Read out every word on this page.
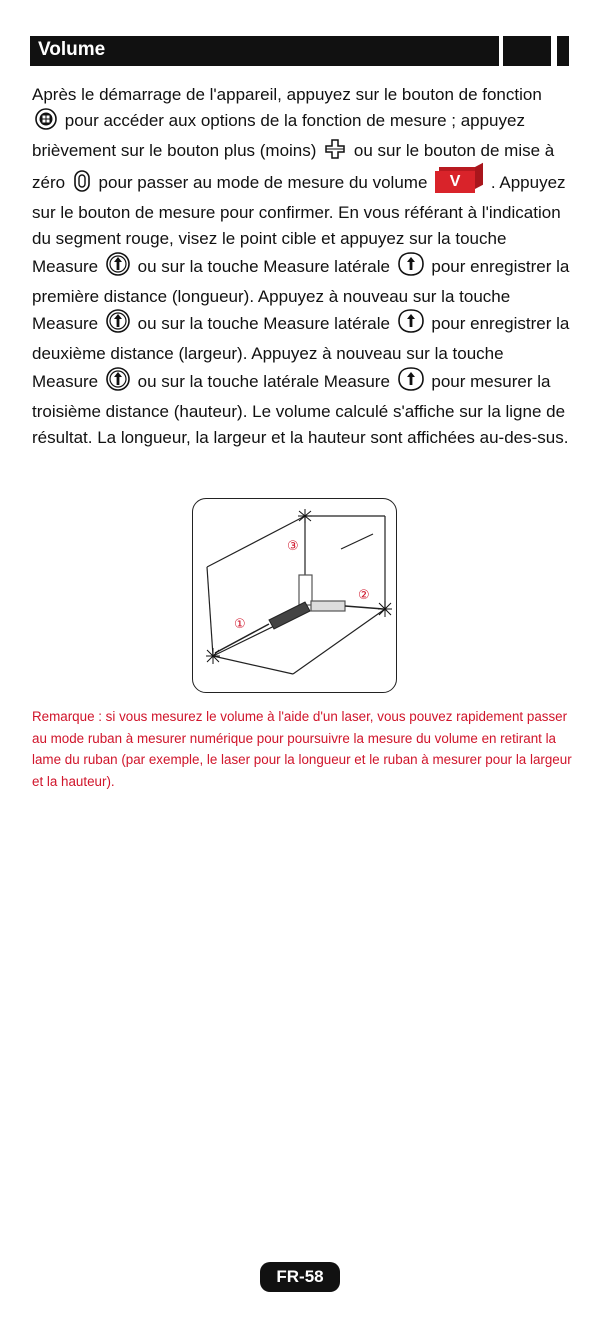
Volume
Après le démarrage de l'appareil, appuyez sur le bouton de fonction  pour accéder aux options de la fonction de mesure ; appuyez brièvement sur le bouton plus (moins) ou sur le bouton de mise à zéro pour passer au mode de mesure du volume	V	. Appuyez sur le bouton de mesure pour confirmer. En vous référant à l'indication du segment rouge, visez le point cible et appuyez sur la touche Measure ou sur la touche Measure latérale pour enregistrer la première distance (longueur). Appuyez à nouveau sur la touche Measure ou sur la touche Measure latérale pour enregistrer la deuxième distance (largeur). Appuyez à nouveau sur la touche Measure ou sur la touche latérale Measure pour mesurer la troisième distance (hauteur). Le volume calculé s'affiche sur la ligne de résultat. La longueur, la largeur et la hauteur sont affichées au-des-sus.
①
②
③
Remarque : si vous mesurez le volume à l'aide d'un laser, vous pouvez rapidement passer au mode ruban à mesurer numérique pour poursuivre la mesure du volume en retirant la lame du ruban (par exemple, le laser pour la longueur et le ruban à mesurer pour la largeur et la hauteur).
FR-58
